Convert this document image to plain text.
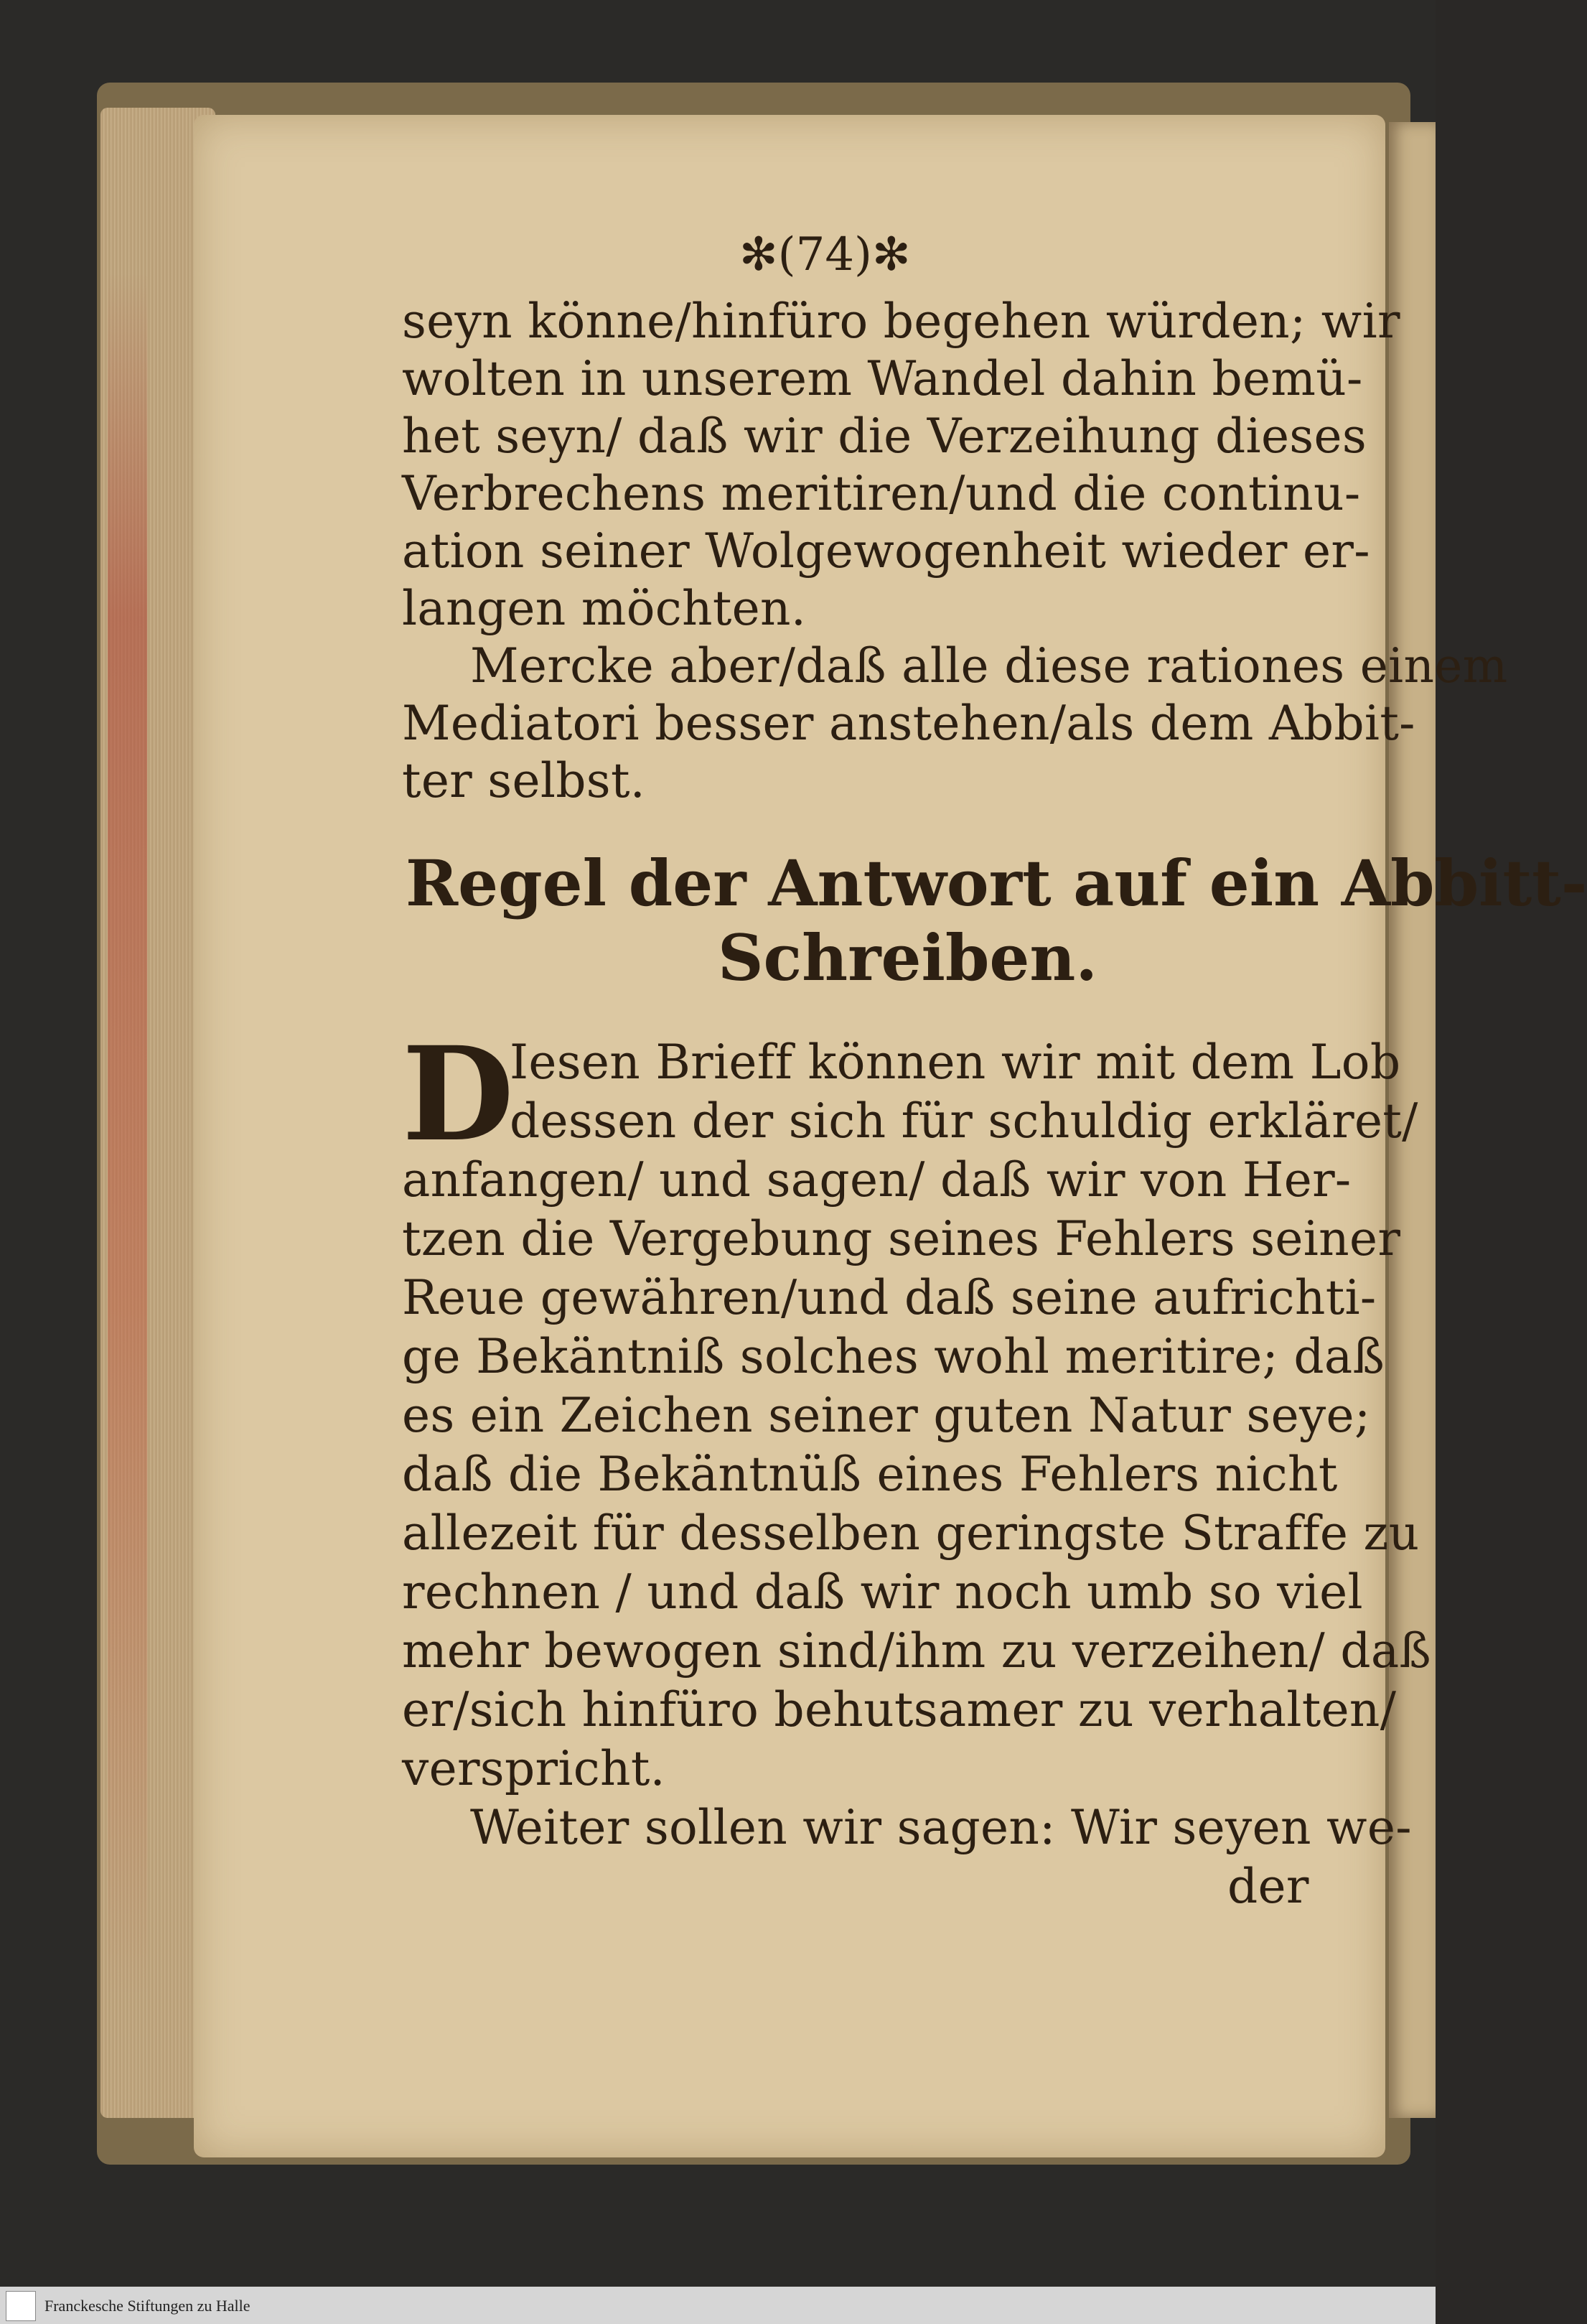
✻(74)✻
seyn könne/hinfüro begehen würden; wir
wolten in unserem Wandel dahin bemü-
het seyn/ daß wir die Verzeihung dieses
Verbrechens meritiren/und die continu-
ation seiner Wolgewogenheit wieder er-
langen möchten.
Mercke aber/daß alle diese rationes einem
Mediatori besser anstehen/als dem Abbit-
ter selbst.
Regel der Antwort auf ein Abbitt-
Schreiben.
D
Iesen Brieff können wir mit dem Lob
dessen der sich für schuldig erkläret/
anfangen/ und sagen/ daß wir von Her-
tzen die Vergebung seines Fehlers seiner
Reue gewähren/und daß seine aufrichti-
ge Bekäntniß solches wohl meritire; daß
es ein Zeichen seiner guten Natur seye;
daß die Bekäntnüß eines Fehlers nicht
allezeit für desselben geringste Straffe zu
rechnen / und daß wir noch umb so viel
mehr bewogen sind/ihm zu verzeihen/ daß
er/sich hinfüro behutsamer zu verhalten/
verspricht.
Weiter sollen wir sagen: Wir seyen we-
der
Franckesche Stiftungen zu Halle
